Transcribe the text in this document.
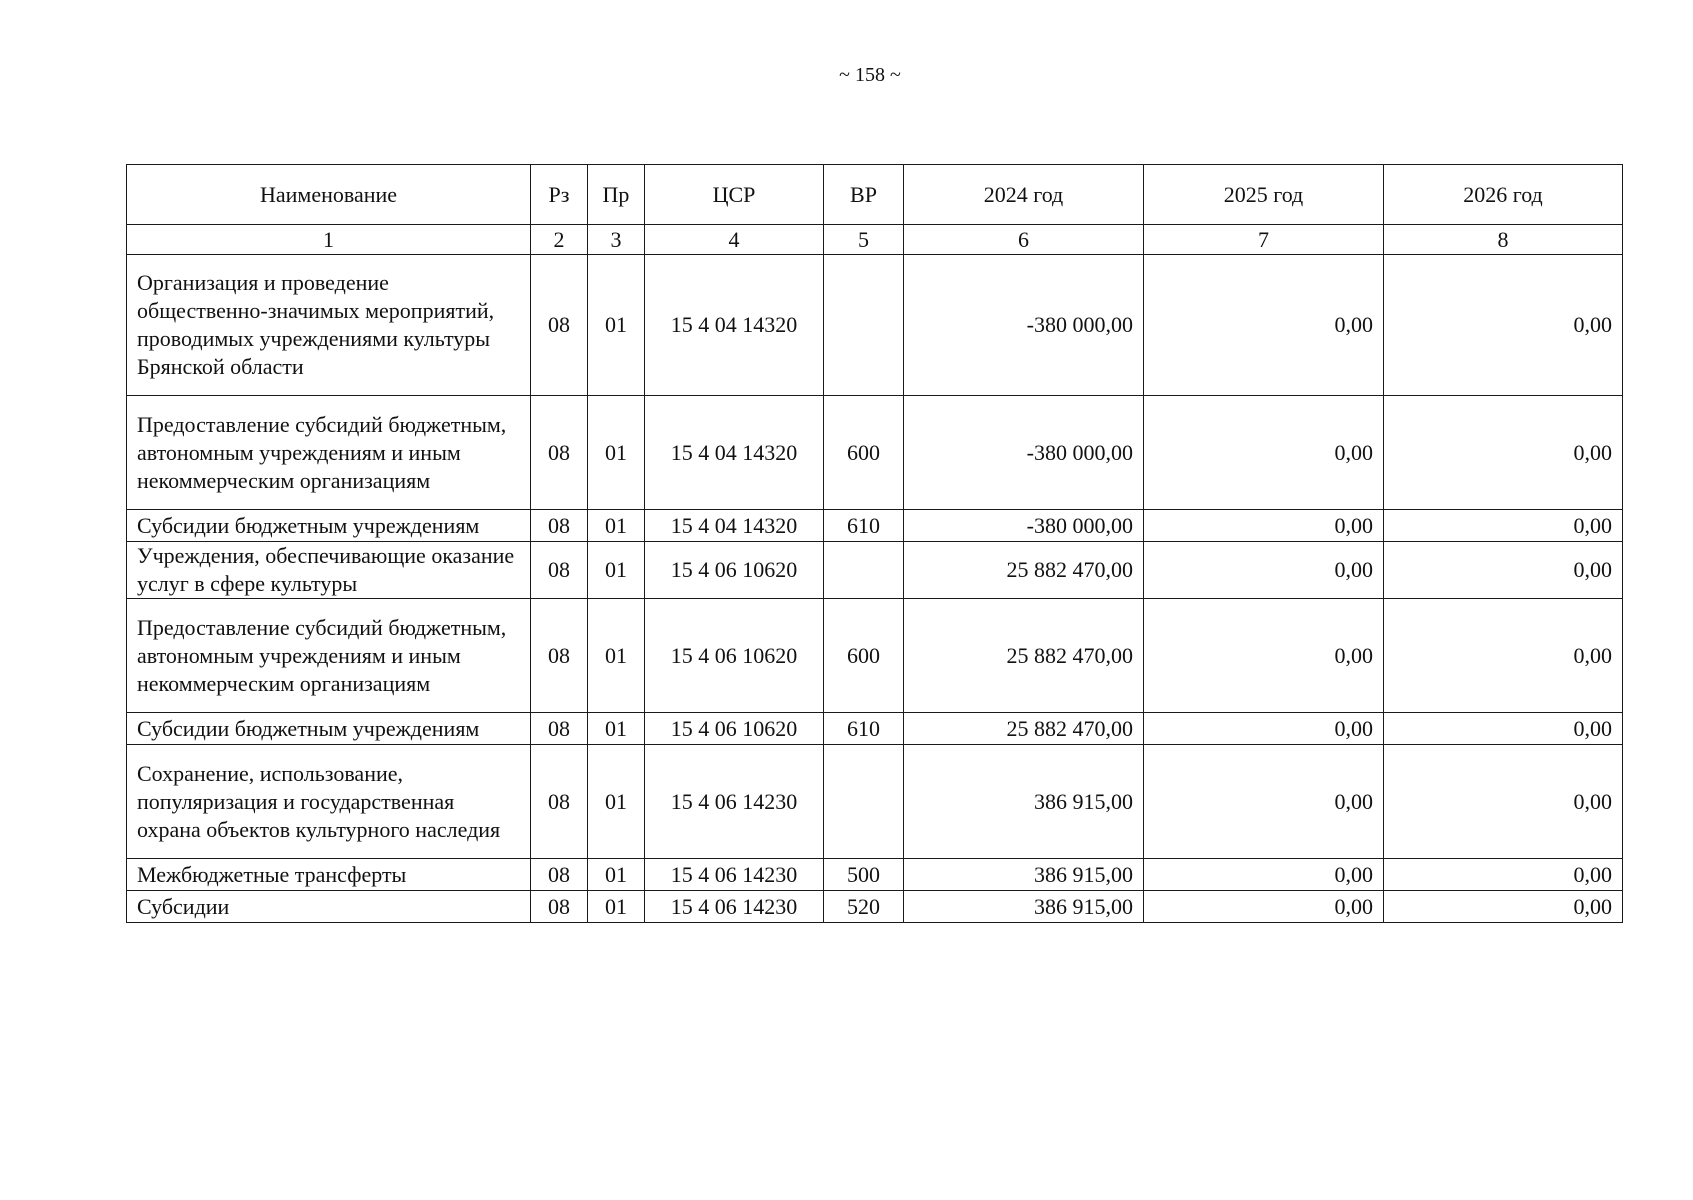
~ 158 ~
Наименование	Рз	Пр	ЦСР	ВР	2024 год	2025 год	2026 год
1	2	3	4	5	6	7	8
Организация и проведение общественно-значимых мероприятий, проводимых учреждениями культуры Брянской области	08	01	15 4 04 14320		-380 000,00	0,00	0,00
Предоставление субсидий бюджетным, автономным учреждениям и иным некоммерческим организациям	08	01	15 4 04 14320	600	-380 000,00	0,00	0,00
Субсидии бюджетным учреждениям	08	01	15 4 04 14320	610	-380 000,00	0,00	0,00
Учреждения, обеспечивающие оказание услуг в сфере культуры	08	01	15 4 06 10620		25 882 470,00	0,00	0,00
Предоставление субсидий бюджетным, автономным учреждениям и иным некоммерческим организациям	08	01	15 4 06 10620	600	25 882 470,00	0,00	0,00
Субсидии бюджетным учреждениям	08	01	15 4 06 10620	610	25 882 470,00	0,00	0,00
Сохранение, использование, популяризация и государственная охрана объектов культурного наследия	08	01	15 4 06 14230		386 915,00	0,00	0,00
Межбюджетные трансферты	08	01	15 4 06 14230	500	386 915,00	0,00	0,00
Субсидии	08	01	15 4 06 14230	520	386 915,00	0,00	0,00
